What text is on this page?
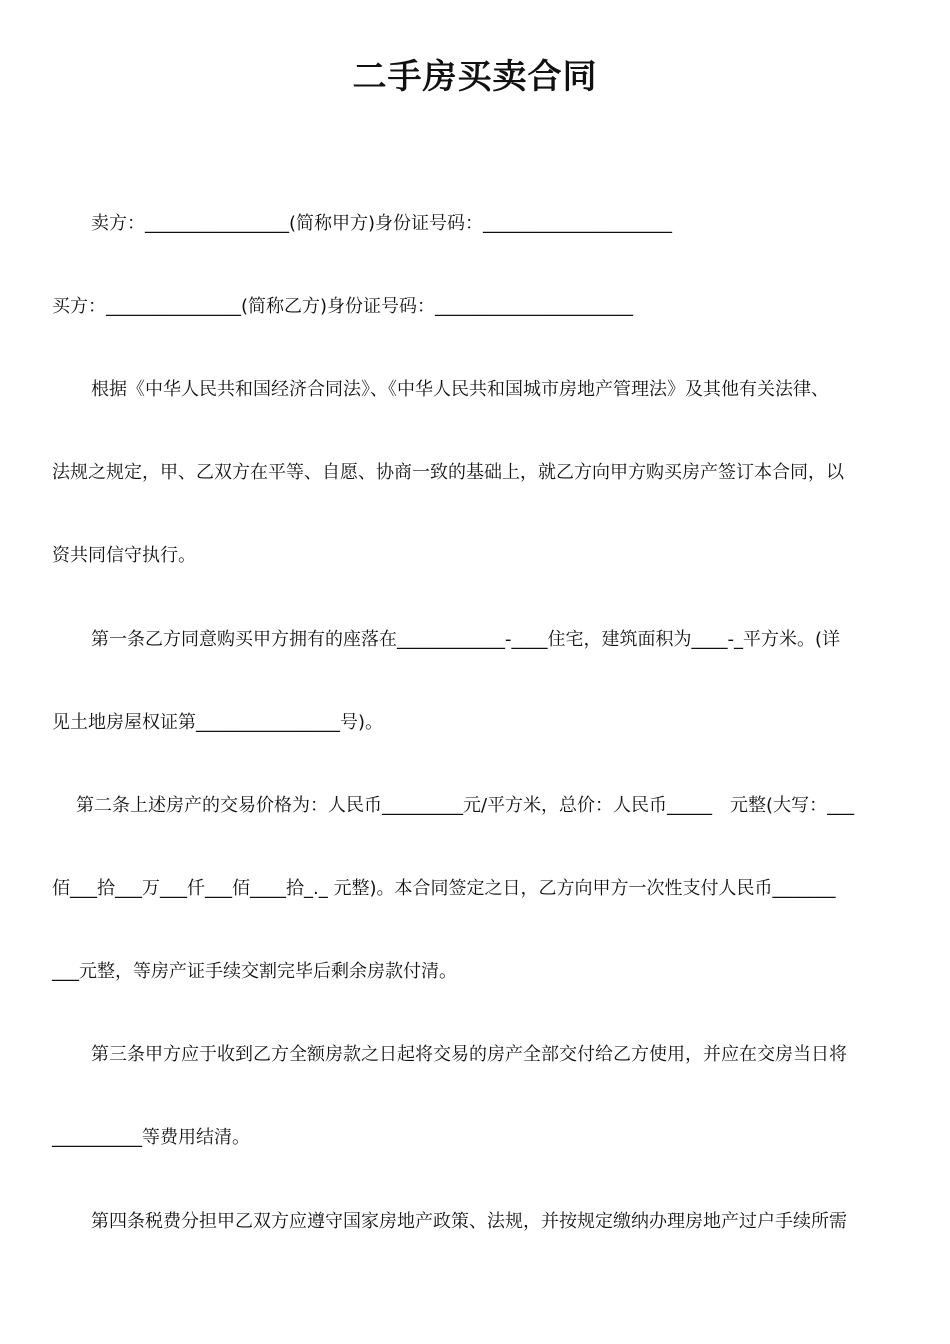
二手房买卖合同

卖方：________________(简称甲方)身份证号码：_____________________

买方：_______________(简称乙方)身份证号码：______________________

根据《中华人民共和国经济合同法》、《中华人民共和国城市房地产管理法》及其他有关法律、

法规之规定，甲、乙双方在平等、自愿、协商一致的基础上，就乙方向甲方购买房产签订本合同，以

资共同信守执行。

第一条乙方同意购买甲方拥有的座落在____________-____住宅，建筑面积为____-_平方米。(详

见土地房屋权证第________________号)。

第二条上述房产的交易价格为：人民币_________元/平方米，总价：人民币_____　元整(大写：___

佰___拾___万___仟___佰____拾_._ 元整)。本合同签定之日，乙方向甲方一次性支付人民币_______

___元整，等房产证手续交割完毕后剩余房款付清。

第三条甲方应于收到乙方全额房款之日起将交易的房产全部交付给乙方使用，并应在交房当日将

__________等费用结清。

第四条税费分担甲乙双方应遵守国家房地产政策、法规，并按规定缴纳办理房地产过户手续所需
